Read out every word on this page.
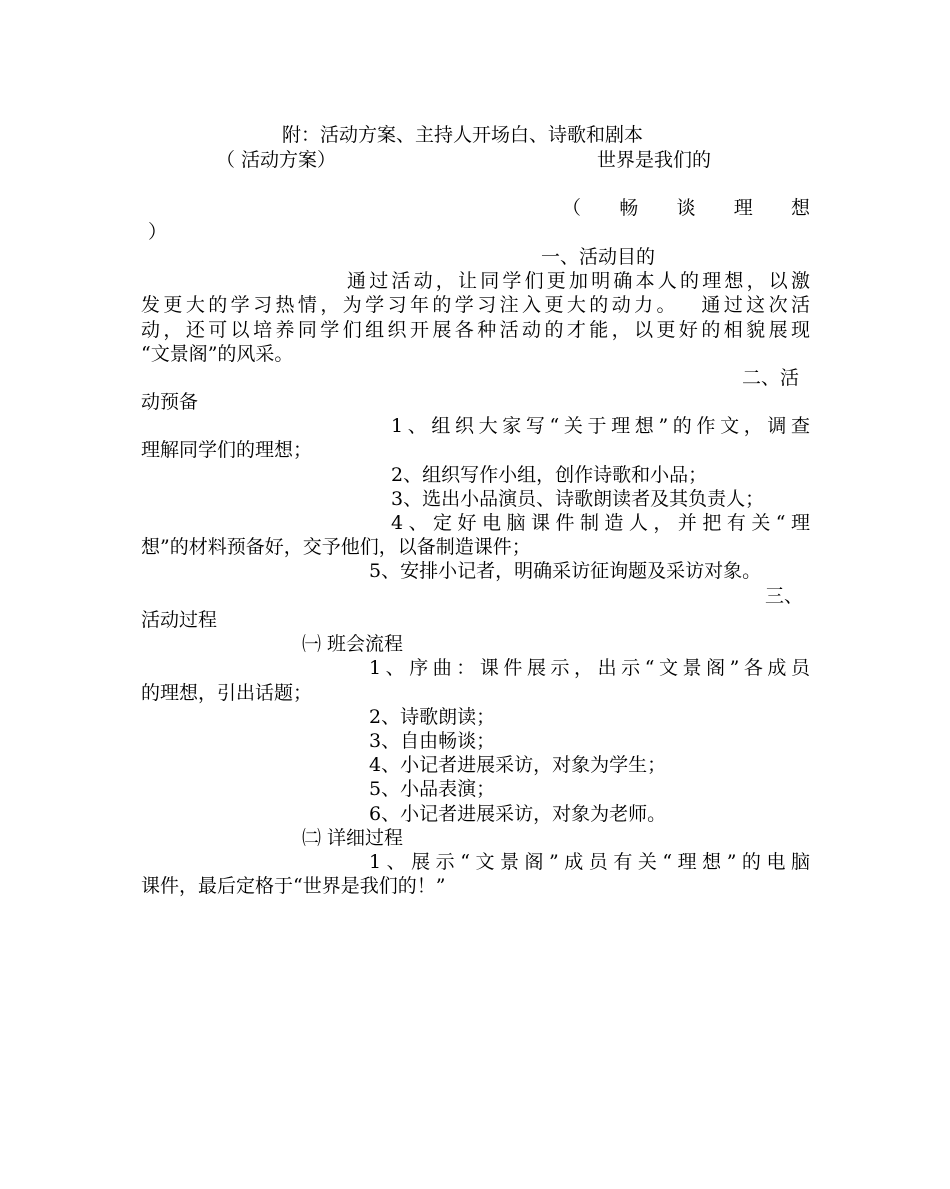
附：活动方案、主持人开场白、诗歌和剧本
（ 活动方案）	世界是我们的
（ 畅 谈 理 想
）
一、活动目的
通过活动，让同学们更加明确本人的理想，以激
发更大的学习热情，为学习年的学习注入更大的动力。　 通过这次活
动，还可以培养同学们组织开展各种活动的才能，以更好的相貌展现
“文景阁”的风采。
二、活
动预备
1、组织大家写“关于理想”的作文，调查
理解同学们的理想；
2、组织写作小组，创作诗歌和小品；
3、选出小品演员、诗歌朗读者及其负责人；
4、定好电脑课件制造人，并把有关“理
想”的材料预备好，交予他们，以备制造课件；
5、安排小记者，明确采访征询题及采访对象。
三、
活动过程
㈠ 班会流程
1、序曲：课件展示，出示“文景阁”各成员
的理想，引出话题；
2、诗歌朗读；
3、自由畅谈；
4、小记者进展采访，对象为学生；
5、小品表演；
6、小记者进展采访，对象为老师。
㈡ 详细过程
1、展示“文景阁”成员有关“理想”的电脑
课件，最后定格于“世界是我们的！”
